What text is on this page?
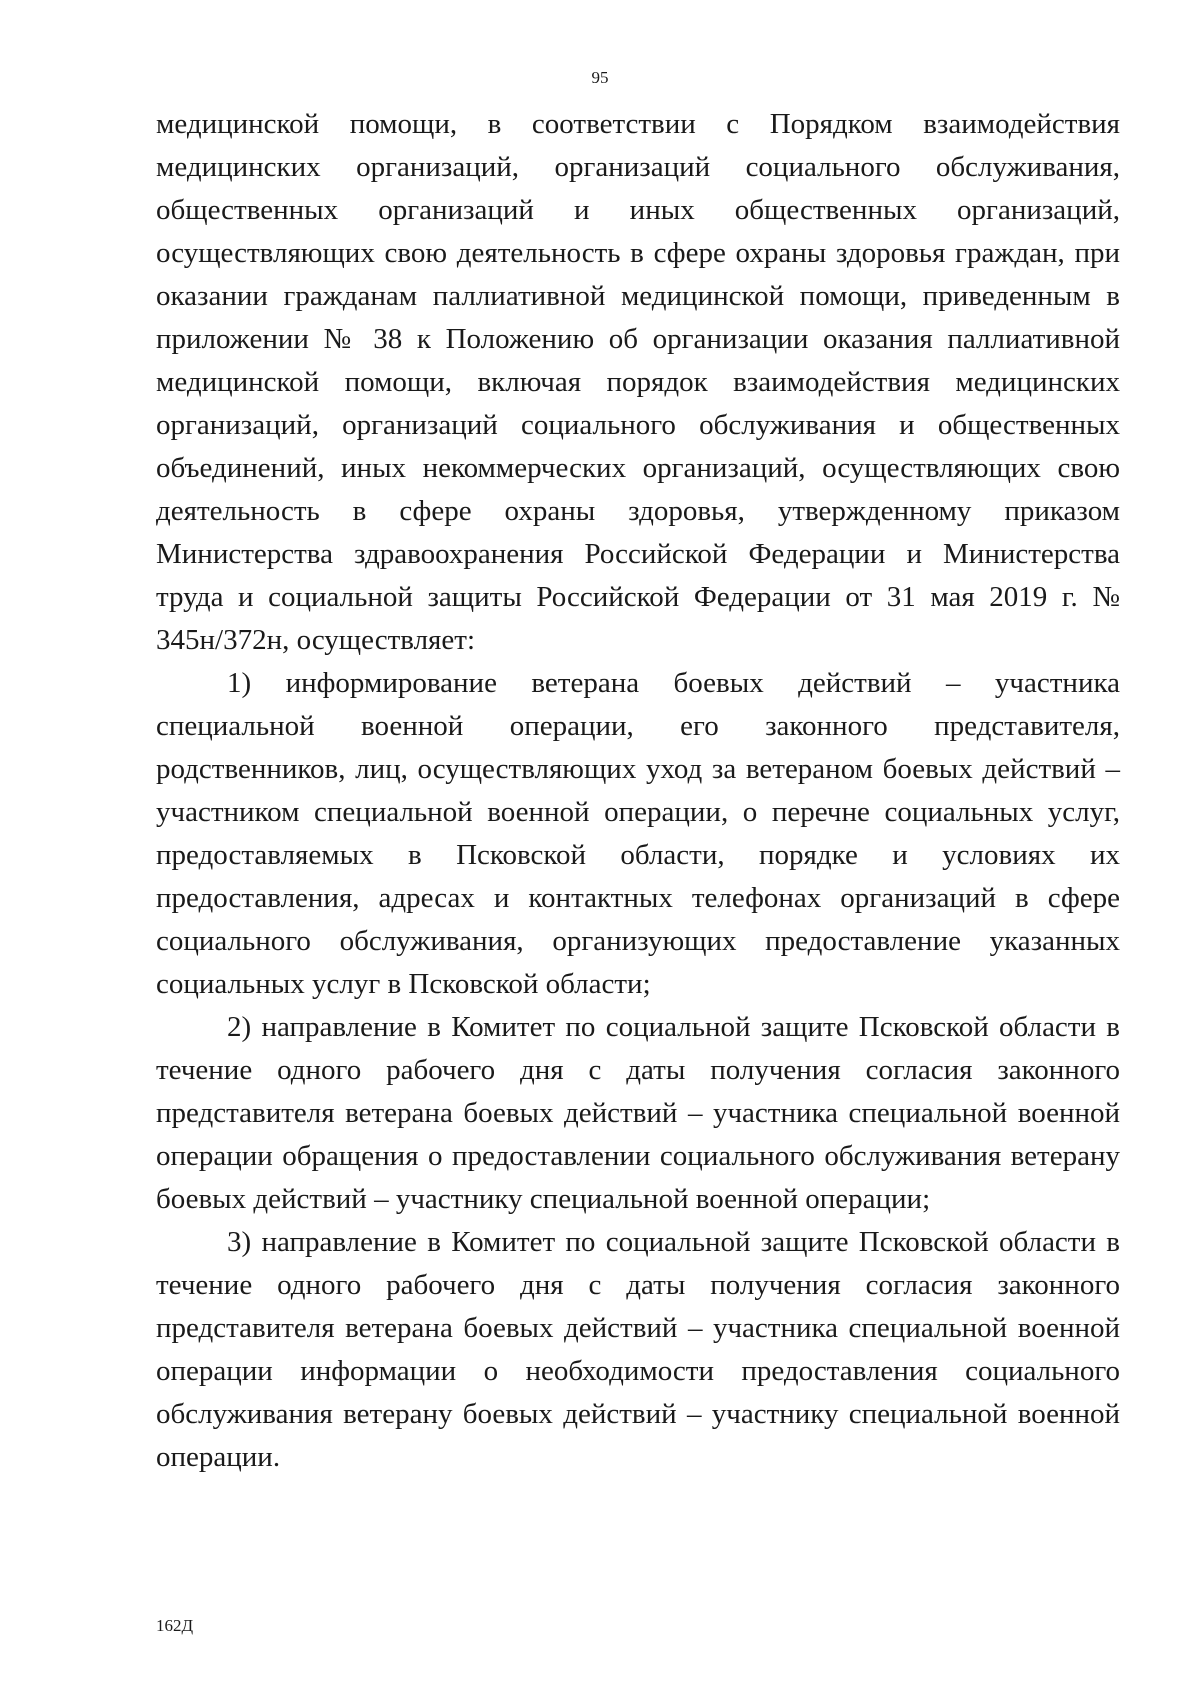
95

медицинской помощи, в соответствии с Порядком взаимодействия медицинских организаций, организаций социального обслуживания, общественных организаций и иных общественных организаций, осуществляющих свою деятельность в сфере охраны здоровья граждан, при оказании гражданам паллиативной медицинской помощи, приведенным в приложении № 38 к Положению об организации оказания паллиативной медицинской помощи, включая порядок взаимодействия медицинских организаций, организаций социального обслуживания и общественных объединений, иных некоммерческих организаций, осуществляющих свою деятельность в сфере охраны здоровья, утвержденному приказом Министерства здравоохранения Российской Федерации и Министерства труда и социальной защиты Российской Федерации от 31 мая 2019 г. № 345н/372н, осуществляет:

1) информирование ветерана боевых действий – участника специальной военной операции, его законного представителя, родственников, лиц, осуществляющих уход за ветераном боевых действий – участником специальной военной операции, о перечне социальных услуг, предоставляемых в Псковской области, порядке и условиях их предоставления, адресах и контактных телефонах организаций в сфере социального обслуживания, организующих предоставление указанных социальных услуг в Псковской области;

2) направление в Комитет по социальной защите Псковской области в течение одного рабочего дня с даты получения согласия законного представителя ветерана боевых действий – участника специальной военной операции обращения о предоставлении социального обслуживания ветерану боевых действий – участнику специальной военной операции;

3) направление в Комитет по социальной защите Псковской области в течение одного рабочего дня с даты получения согласия законного представителя ветерана боевых действий – участника специальной военной операции информации о необходимости предоставления социального обслуживания ветерану боевых действий – участнику специальной военной операции.

162Д
